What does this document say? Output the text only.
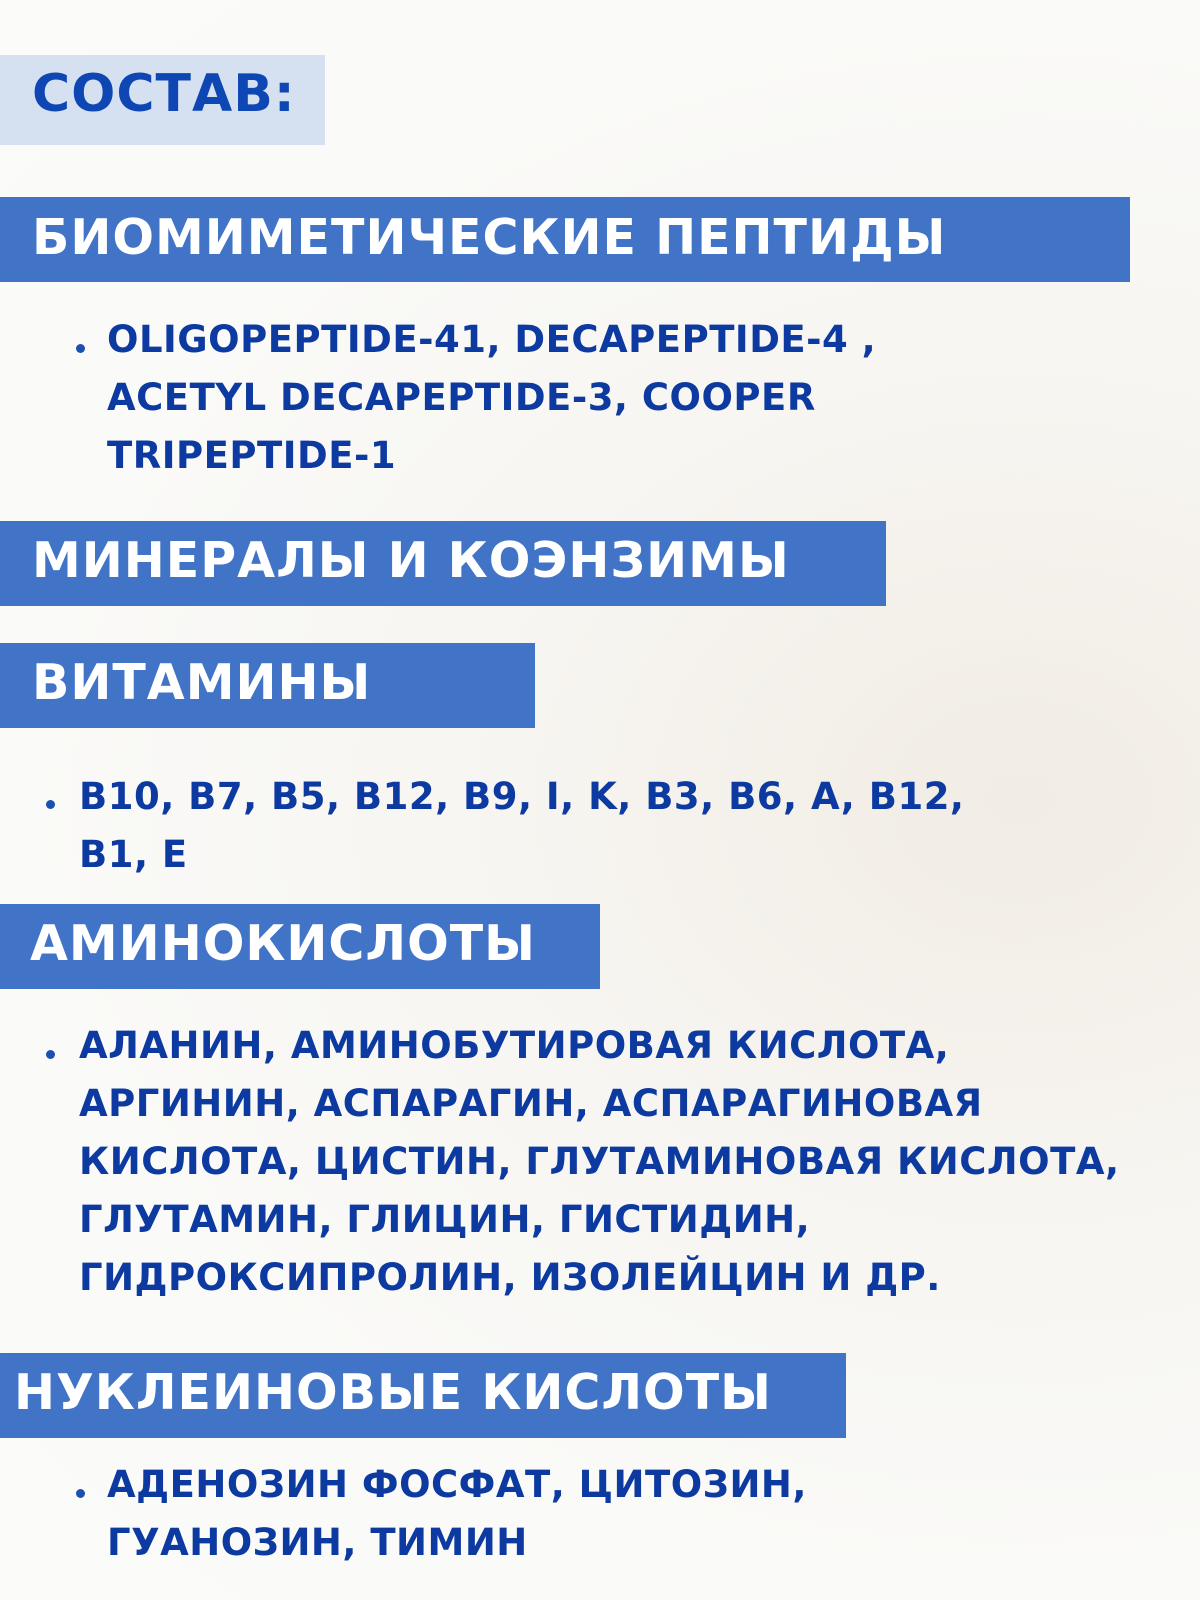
СОСТАВ:
БИОМИМЕТИЧЕСКИЕ ПЕПТИДЫ

OLIGOPEPTIDE-41, DECAPEPTIDE-4 , ACETYL DECAPEPTIDE-3, COOPER TRIPEPTIDE-1

МИНЕРАЛЫ И КОЭНЗИМЫ
ВИТАМИНЫ

B10, B7, B5, B12, B9, I, K, B3, B6, A, B12, B1, E

АМИНОКИСЛОТЫ

АЛАНИН, АМИНОБУТИРОВАЯ КИСЛОТА, АРГИНИН, АСПАРАГИН, АСПАРАГИНОВАЯ КИСЛОТА, ЦИСТИН, ГЛУТАМИНОВАЯ КИСЛОТА, ГЛУТАМИН, ГЛИЦИН, ГИСТИДИН, ГИДРОКСИПРОЛИН, ИЗОЛЕЙЦИН И ДР.

НУКЛЕИНОВЫЕ КИСЛОТЫ

АДЕНОЗИН ФОСФАТ, ЦИТОЗИН, ГУАНОЗИН, ТИМИН
